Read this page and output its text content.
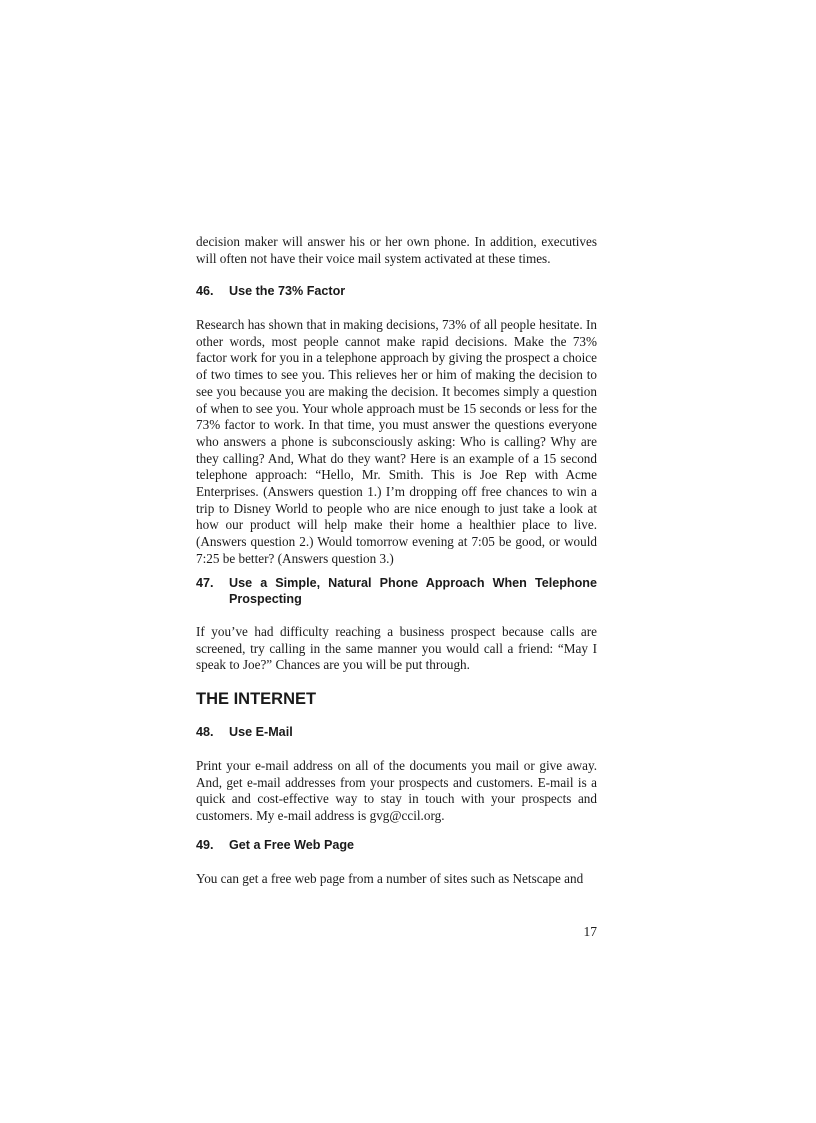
decision maker will answer his or her own phone. In addition, executives will often not have their voice mail system activated at these times.

46. Use the 73% Factor

Research has shown that in making decisions, 73% of all people hesitate. In other words, most people cannot make rapid decisions. Make the 73% factor work for you in a telephone approach by giving the prospect a choice of two times to see you. This relieves her or him of making the decision to see you because you are making the decision. It becomes simply a question of when to see you. Your whole approach must be 15 seconds or less for the 73% factor to work. In that time, you must answer the questions everyone who answers a phone is subconsciously asking: Who is calling? Why are they calling? And, What do they want? Here is an example of a 15 second telephone approach: “Hello, Mr. Smith. This is Joe Rep with Acme Enterprises. (Answers question 1.) I’m dropping off free chances to win a trip to Disney World to people who are nice enough to just take a look at how our product will help make their home a healthier place to live. (Answers question 2.) Would tomorrow evening at 7:05 be good, or would 7:25 be better? (Answers question 3.)

47. Use a Simple, Natural Phone Approach When Telephone Prospecting

If you’ve had difficulty reaching a business prospect because calls are screened, try calling in the same manner you would call a friend: “May I speak to Joe?” Chances are you will be put through.

THE INTERNET
48. Use E-Mail

Print your e-mail address on all of the documents you mail or give away. And, get e-mail addresses from your prospects and customers. E-mail is a quick and cost-effective way to stay in touch with your prospects and customers. My e-mail address is gvg@ccil.org.

49. Get a Free Web Page

You can get a free web page from a number of sites such as Netscape and

17
